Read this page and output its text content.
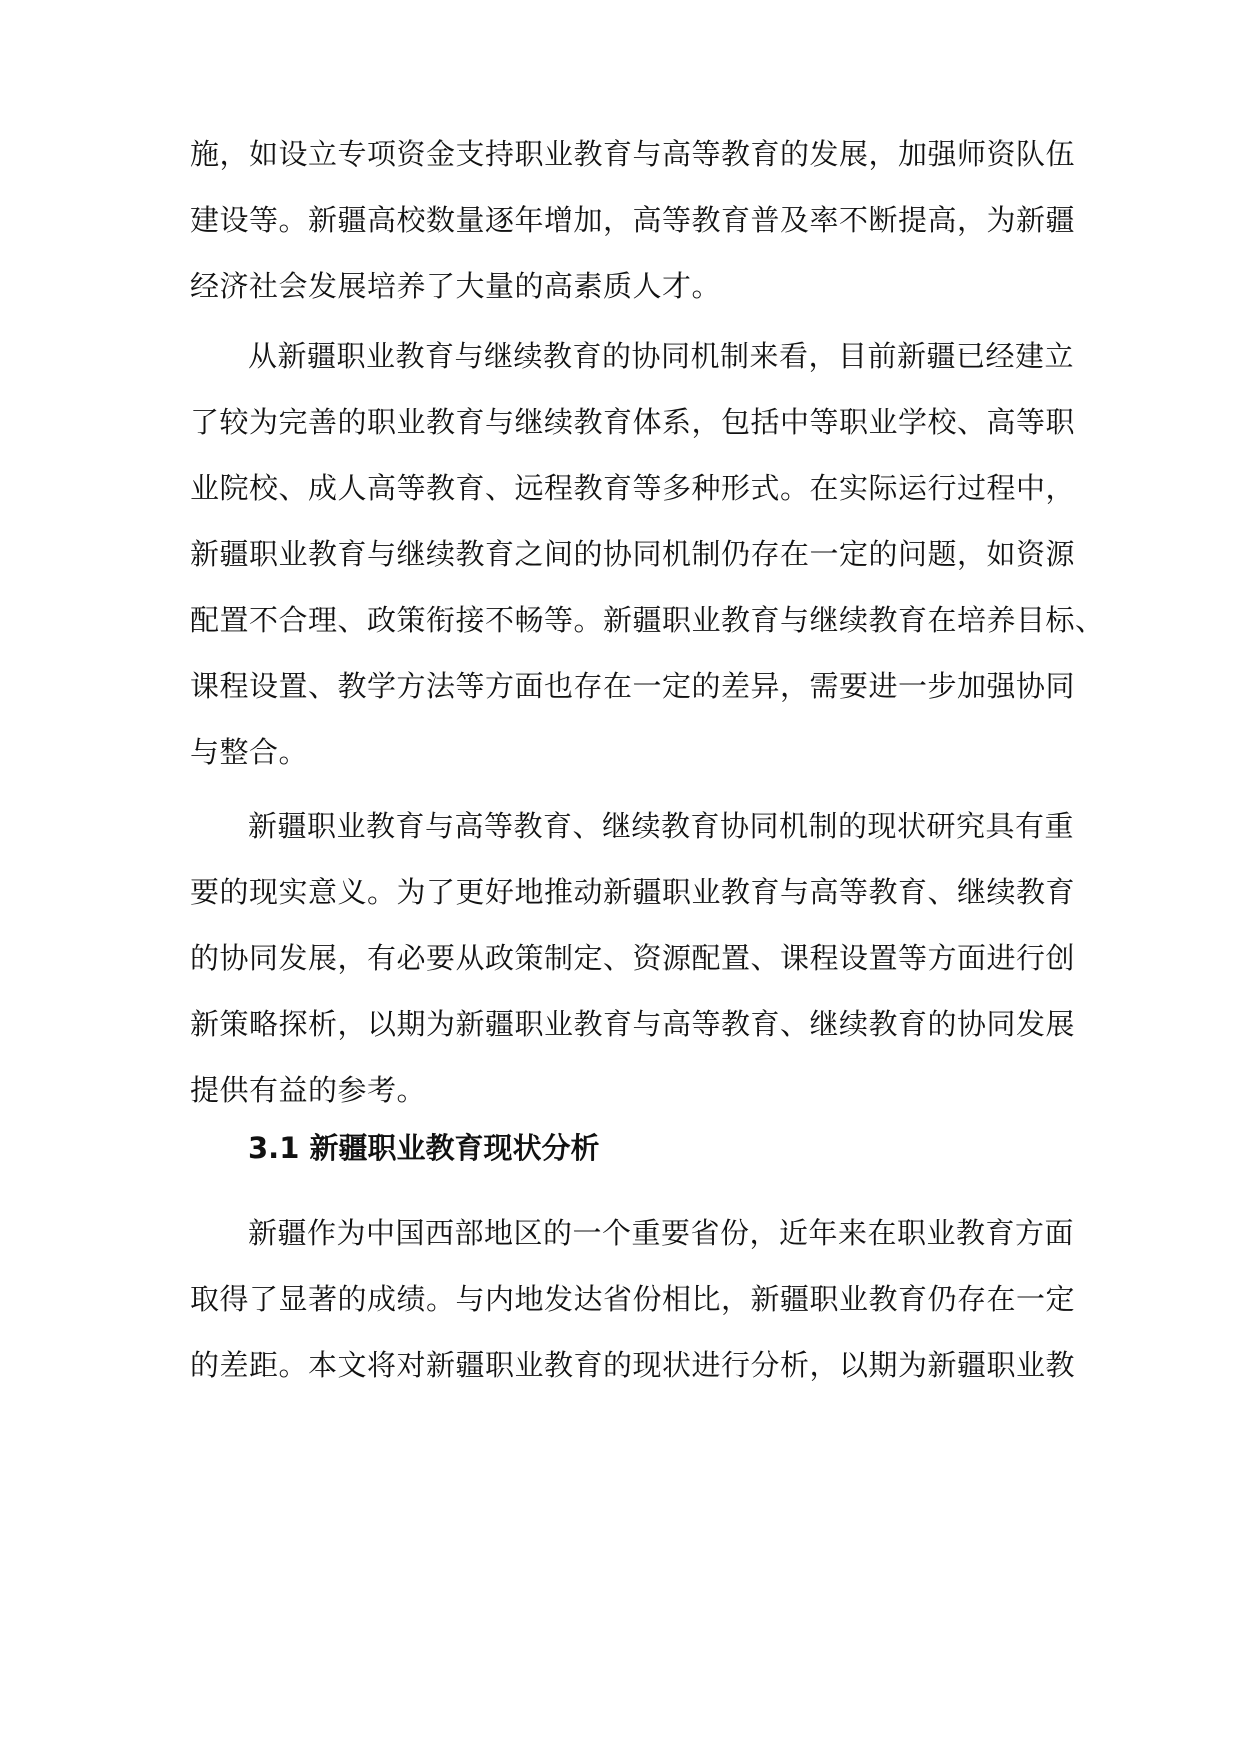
施，如设立专项资金支持职业教育与高等教育的发展，加强师资队伍
建设等。新疆高校数量逐年增加，高等教育普及率不断提高，为新疆
经济社会发展培养了大量的高素质人才。
从新疆职业教育与继续教育的协同机制来看，目前新疆已经建立
了较为完善的职业教育与继续教育体系，包括中等职业学校、高等职
业院校、成人高等教育、远程教育等多种形式。在实际运行过程中，
新疆职业教育与继续教育之间的协同机制仍存在一定的问题，如资源
配置不合理、政策衔接不畅等。新疆职业教育与继续教育在培养目标、
课程设置、教学方法等方面也存在一定的差异，需要进一步加强协同
与整合。
新疆职业教育与高等教育、继续教育协同机制的现状研究具有重
要的现实意义。为了更好地推动新疆职业教育与高等教育、继续教育
的协同发展，有必要从政策制定、资源配置、课程设置等方面进行创
新策略探析，以期为新疆职业教育与高等教育、继续教育的协同发展
提供有益的参考。
3.1 新疆职业教育现状分析
新疆作为中国西部地区的一个重要省份，近年来在职业教育方面
取得了显著的成绩。与内地发达省份相比，新疆职业教育仍存在一定
的差距。本文将对新疆职业教育的现状进行分析，以期为新疆职业教
